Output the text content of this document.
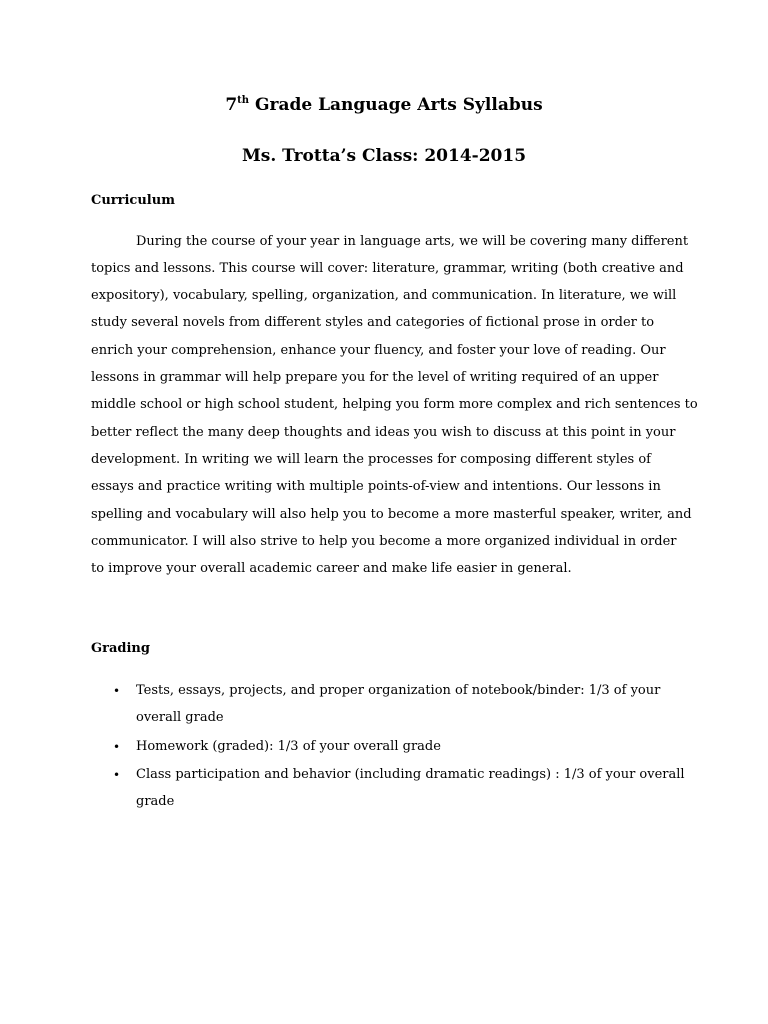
7th Grade Language Arts Syllabus
Ms. Trotta’s Class: 2014-2015
Curriculum

During the course of your year in language arts, we will be covering many different

topics and lessons. This course will cover: literature, grammar, writing (both creative and

expository), vocabulary, spelling, organization, and communication. In literature, we will

study several novels from different styles and categories of fictional prose in order to

enrich your comprehension, enhance your fluency, and foster your love of reading. Our

lessons in grammar will help prepare you for the level of writing required of an upper

middle school or high school student, helping you form more complex and rich sentences to

better reflect the many deep thoughts and ideas you wish to discuss at this point in your

development. In writing we will learn the processes for composing different styles of

essays and practice writing with multiple points-of-view and intentions. Our lessons in

spelling and vocabulary will also help you to become a more masterful speaker, writer, and

communicator. I will also strive to help you become a more organized individual in order

to improve your overall academic career and make life easier in general.

Grading
• Tests, essays, projects, and proper organization of notebook/binder: 1/3 of your

overall grade

• Homework (graded): 1/3 of your overall grade

• Class participation and behavior (including dramatic readings) : 1/3 of your overall

grade
